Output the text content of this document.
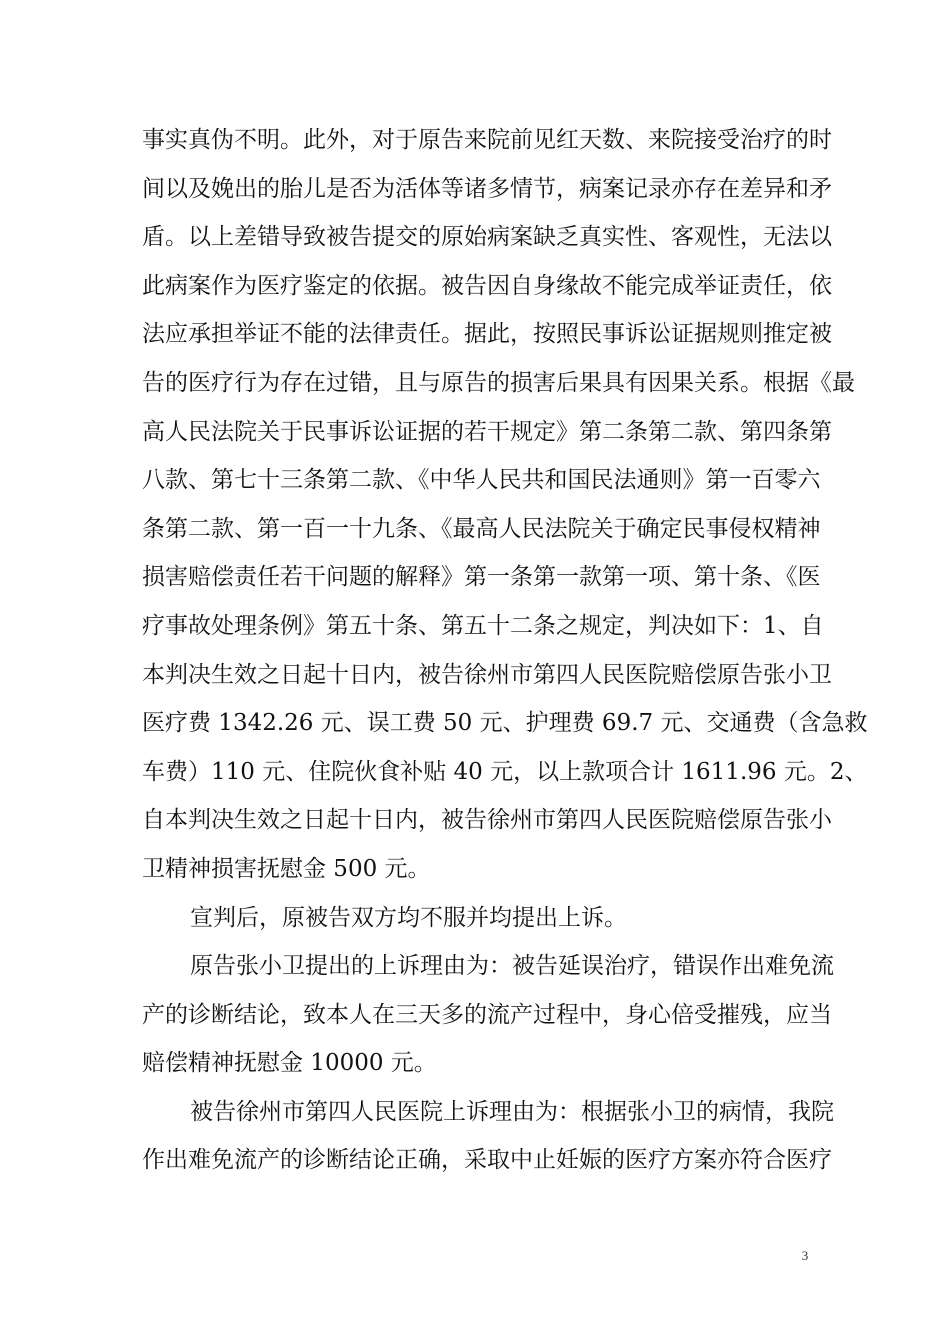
事实真伪不明。此外，对于原告来院前见红天数、来院接受治疗的时
间以及娩出的胎儿是否为活体等诸多情节，病案记录亦存在差异和矛
盾。以上差错导致被告提交的原始病案缺乏真实性、客观性，无法以
此病案作为医疗鉴定的依据。被告因自身缘故不能完成举证责任，依
法应承担举证不能的法律责任。据此，按照民事诉讼证据规则推定被
告的医疗行为存在过错，且与原告的损害后果具有因果关系。根据《最
高人民法院关于民事诉讼证据的若干规定》第二条第二款、第四条第
八款、第七十三条第二款、《中华人民共和国民法通则》第一百零六
条第二款、第一百一十九条、《最高人民法院关于确定民事侵权精神
损害赔偿责任若干问题的解释》第一条第一款第一项、第十条、《医
疗事故处理条例》第五十条、第五十二条之规定，判决如下：1、自
本判决生效之日起十日内，被告徐州市第四人民医院赔偿原告张小卫
医疗费 1342.26 元、误工费 50 元、护理费 69.7 元、交通费（含急救
车费）110 元、住院伙食补贴 40 元，以上款项合计 1611.96 元。2、
自本判决生效之日起十日内，被告徐州市第四人民医院赔偿原告张小
卫精神损害抚慰金 500 元。
宣判后，原被告双方均不服并均提出上诉。
原告张小卫提出的上诉理由为：被告延误治疗，错误作出难免流
产的诊断结论，致本人在三天多的流产过程中，身心倍受摧残，应当
赔偿精神抚慰金 10000 元。
被告徐州市第四人民医院上诉理由为：根据张小卫的病情，我院
作出难免流产的诊断结论正确，采取中止妊娠的医疗方案亦符合医疗
3
